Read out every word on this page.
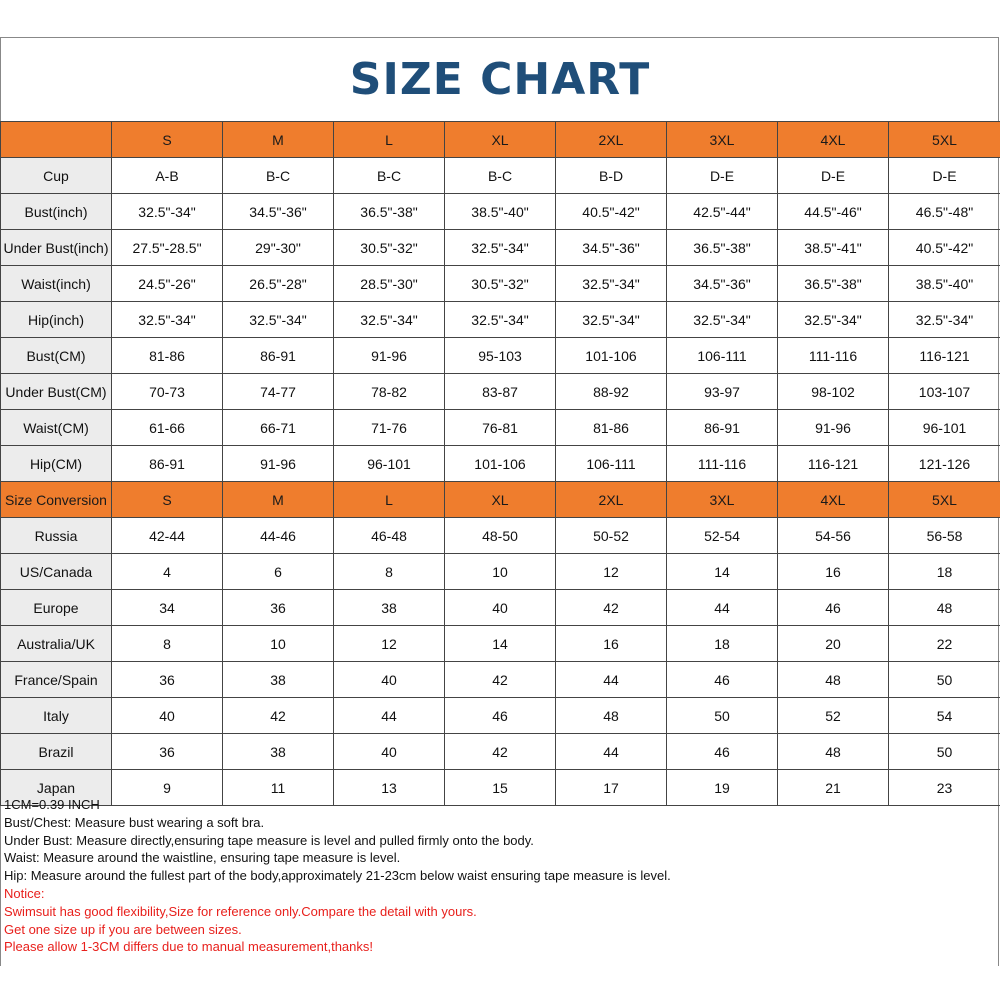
SIZE CHART
	S	M	L	XL	2XL	3XL	4XL	5XL
Cup	A-B	B-C	B-C	B-C	B-D	D-E	D-E	D-E
Bust(inch)	32.5"-34"	34.5"-36"	36.5"-38"	38.5"-40"	40.5"-42"	42.5"-44"	44.5"-46"	46.5"-48"
Under Bust(inch)	27.5"-28.5"	29"-30"	30.5"-32"	32.5"-34"	34.5"-36"	36.5"-38"	38.5"-41"	40.5"-42"
Waist(inch)	24.5"-26"	26.5"-28"	28.5"-30"	30.5"-32"	32.5"-34"	34.5"-36"	36.5"-38"	38.5"-40"
Hip(inch)	32.5"-34"	32.5"-34"	32.5"-34"	32.5"-34"	32.5"-34"	32.5"-34"	32.5"-34"	32.5"-34"
Bust(CM)	81-86	86-91	91-96	95-103	101-106	106-111	111-116	116-121
Under Bust(CM)	70-73	74-77	78-82	83-87	88-92	93-97	98-102	103-107
Waist(CM)	61-66	66-71	71-76	76-81	81-86	86-91	91-96	96-101
Hip(CM)	86-91	91-96	96-101	101-106	106-111	111-116	116-121	121-126
Size Conversion	S	M	L	XL	2XL	3XL	4XL	5XL
Russia	42-44	44-46	46-48	48-50	50-52	52-54	54-56	56-58
US/Canada	4	6	8	10	12	14	16	18
Europe	34	36	38	40	42	44	46	48
Australia/UK	8	10	12	14	16	18	20	22
France/Spain	36	38	40	42	44	46	48	50
Italy	40	42	44	46	48	50	52	54
Brazil	36	38	40	42	44	46	48	50
Japan	9	11	13	15	17	19	21	23
1CM=0.39 INCH
Bust/Chest: Measure bust wearing a soft bra.
Under Bust: Measure directly,ensuring tape measure is level and pulled firmly onto the body.
Waist: Measure around the waistline, ensuring tape measure is level.
Hip: Measure around the fullest part of the body,approximately 21-23cm below waist ensuring tape measure is level.
Notice:
Swimsuit has good flexibility,Size for reference only.Compare the detail with yours.
Get one size up if you are between sizes.
Please allow 1-3CM differs due to manual measurement,thanks!
